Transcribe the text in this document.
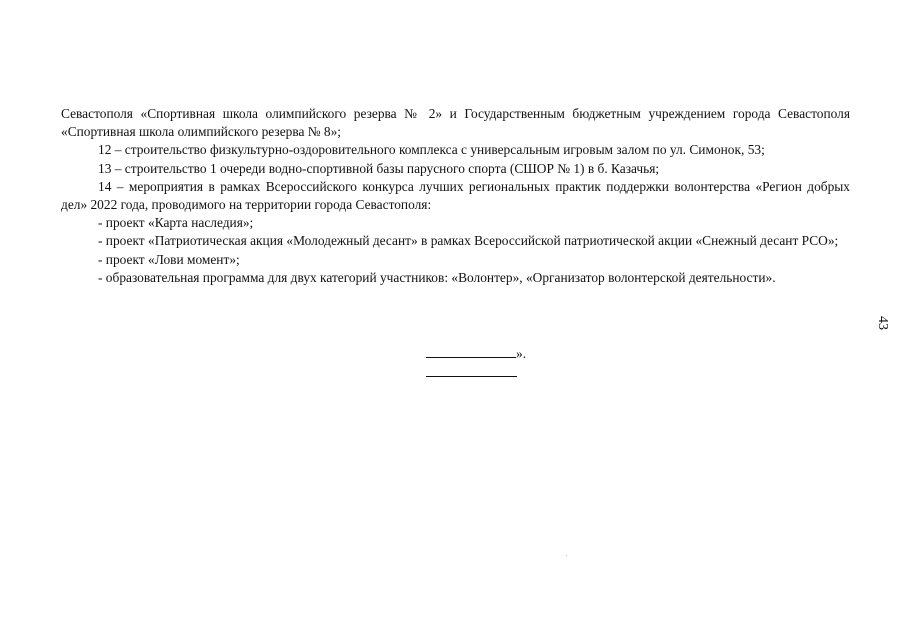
Севастополя «Спортивная школа олимпийского резерва № 2» и Государственным бюджетным учреждением города Севастополя «Спортивная школа олимпийского резерва № 8»;

12 – строительство физкультурно-оздоровительного комплекса с универсальным игровым залом по ул. Симонок, 53;

13 – строительство 1 очереди водно-спортивной базы парусного спорта (СШОР № 1) в б. Казачья;

14 – мероприятия в рамках Всероссийского конкурса лучших региональных практик поддержки волонтерства «Регион добрых дел» 2022 года, проводимого на территории города Севастополя:

- проект «Карта наследия»;

- проект «Патриотическая акция «Молодежный десант» в рамках Всероссийской патриотической акции «Снежный десант РСО»;

- проект «Лови момент»;

- образовательная программа для двух категорий участников: «Волонтер», «Организатор волонтерской деятельности».

».
43
